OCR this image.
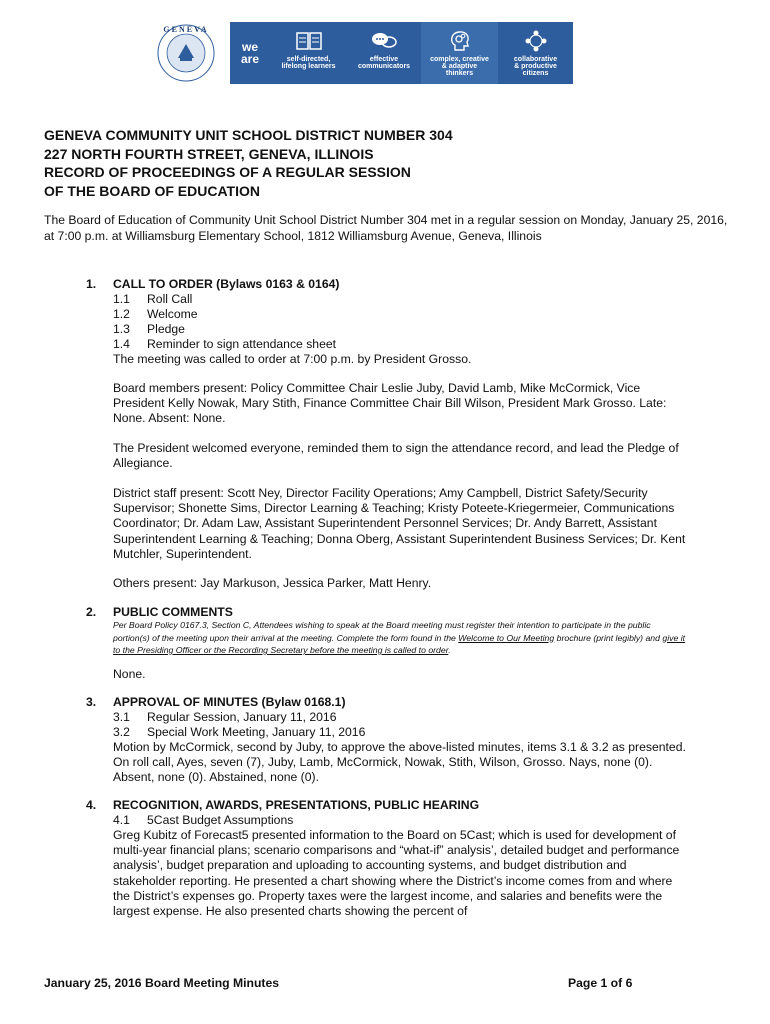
GENEVA
we
are	self-directed,
lifelong learners
effective
communicators
complex, creative
& adaptive
thinkers
collaborative
& productive
citizens
GENEVA COMMUNITY UNIT SCHOOL DISTRICT NUMBER 304
227 NORTH FOURTH STREET, GENEVA, ILLINOIS
RECORD OF PROCEEDINGS OF A REGULAR SESSION
OF THE BOARD OF EDUCATION
The Board of Education of Community Unit School District Number 304 met in a regular session on Monday, January 25, 2016, at 7:00 p.m. at Williamsburg Elementary School, 1812 Williamsburg Avenue, Geneva, Illinois
1. CALL TO ORDER (Bylaws 0163 & 0164)
1.1 Roll Call
1.2 Welcome
1.3 Pledge
1.4 Reminder to sign attendance sheet
The meeting was called to order at 7:00 p.m. by President Grosso.
Board members present: Policy Committee Chair Leslie Juby, David Lamb, Mike McCormick, Vice President Kelly Nowak, Mary Stith, Finance Committee Chair Bill Wilson, President Mark Grosso. Late: None. Absent: None.
The President welcomed everyone, reminded them to sign the attendance record, and lead the Pledge of Allegiance.
District staff present: Scott Ney, Director Facility Operations; Amy Campbell, District Safety/Security Supervisor; Shonette Sims, Director Learning & Teaching; Kristy Poteete-Kriegermeier, Communications Coordinator; Dr. Adam Law, Assistant Superintendent Personnel Services; Dr. Andy Barrett, Assistant Superintendent Learning & Teaching; Donna Oberg, Assistant Superintendent Business Services; Dr. Kent Mutchler, Superintendent.
Others present: Jay Markuson, Jessica Parker, Matt Henry.
2. PUBLIC COMMENTS
Per Board Policy 0167.3, Section C, Attendees wishing to speak at the Board meeting must register their intention to participate in the public portion(s) of the meeting upon their arrival at the meeting. Complete the form found in the Welcome to Our Meeting brochure (print legibly) and give it to the Presiding Officer or the Recording Secretary before the meeting is called to order.
None.
3. APPROVAL OF MINUTES (Bylaw 0168.1)
3.1 Regular Session, January 11, 2016
3.2 Special Work Meeting, January 11, 2016
Motion by McCormick, second by Juby, to approve the above-listed minutes, items 3.1 & 3.2 as presented. On roll call, Ayes, seven (7), Juby, Lamb, McCormick, Nowak, Stith, Wilson, Grosso. Nays, none (0). Absent, none (0). Abstained, none (0).
4. RECOGNITION, AWARDS, PRESENTATIONS, PUBLIC HEARING
4.1 5Cast Budget Assumptions
Greg Kubitz of Forecast5 presented information to the Board on 5Cast; which is used for development of multi-year financial plans; scenario comparisons and “what-if” analysis’, detailed budget and performance analysis’, budget preparation and uploading to accounting systems, and budget distribution and stakeholder reporting. He presented a chart showing where the District’s income comes from and where the District’s expenses go. Property taxes were the largest income, and salaries and benefits were the largest expense. He also presented charts showing the percent of
January 25, 2016 Board Meeting Minutes	Page 1 of 6
